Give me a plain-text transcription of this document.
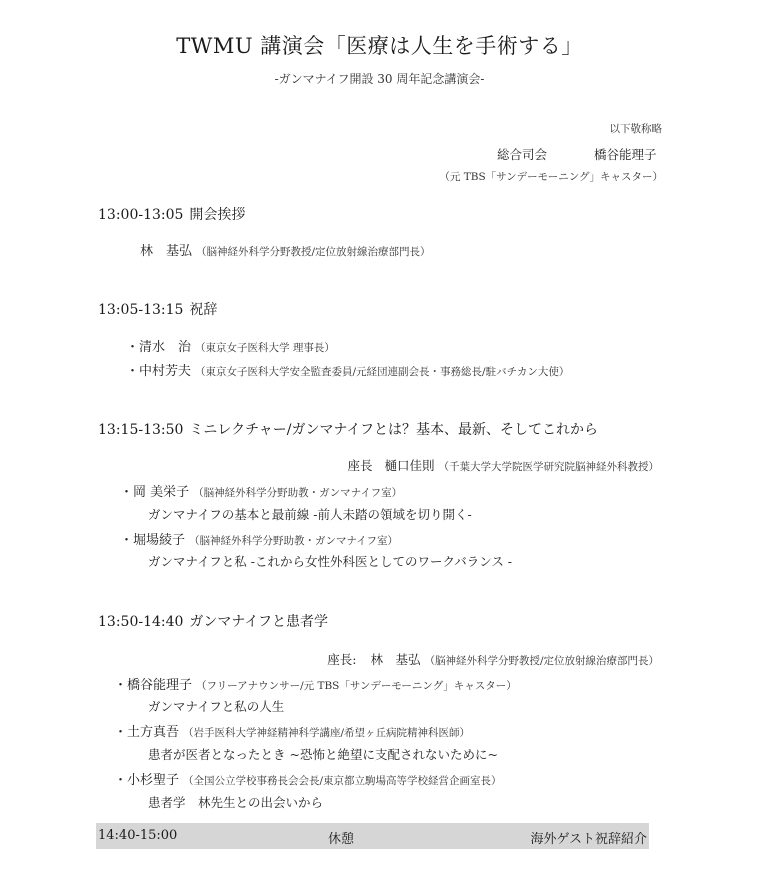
TWMU 講演会「医療は人生を手術する」
-ガンマナイフ開設 30 周年記念講演会-
以下敬称略
総合司会	橋谷能理子
（元 TBS「サンデーモーニング」キャスター）
13:00-13:05 開会挨拶
林　基弘 （脳神経外科学分野教授/定位放射線治療部門長）
13:05-13:15 祝辞
・清水　治 （東京女子医科大学 理事長）
・中村芳夫 （東京女子医科大学安全監査委員/元経団連副会長・事務総長/駐バチカン大使）
13:15-13:50 ミニレクチャー/ガンマナイフとは？基本、最新、そしてこれから
座長 樋口佳則 （千葉大学大学院医学研究院脳神経外科教授）
・岡 美栄子 （脳神経外科学分野助教・ガンマナイフ室）
ガンマナイフの基本と最前線 -前人未踏の領域を切り開く-
・堀場綾子 （脳神経外科学分野助教・ガンマナイフ室）
ガンマナイフと私 -これから女性外科医としてのワークバランス -
13:50-14:40 ガンマナイフと患者学
座長: 林　基弘 （脳神経外科学分野教授/定位放射線治療部門長）
・橋谷能理子 （フリーアナウンサー/元 TBS「サンデーモーニング」キャスター）
ガンマナイフと私の人生
・土方真吾 （岩手医科大学神経精神科学講座/希望ヶ丘病院精神科医師）
患者が医者となったとき ~恐怖と絶望に支配されないために~
・小杉聖子 （全国公立学校事務長会会長/東京都立駒場高等学校経営企画室長）
患者学　林先生との出会いから
14:40-15:00	休憩	海外ゲスト祝辞紹介
